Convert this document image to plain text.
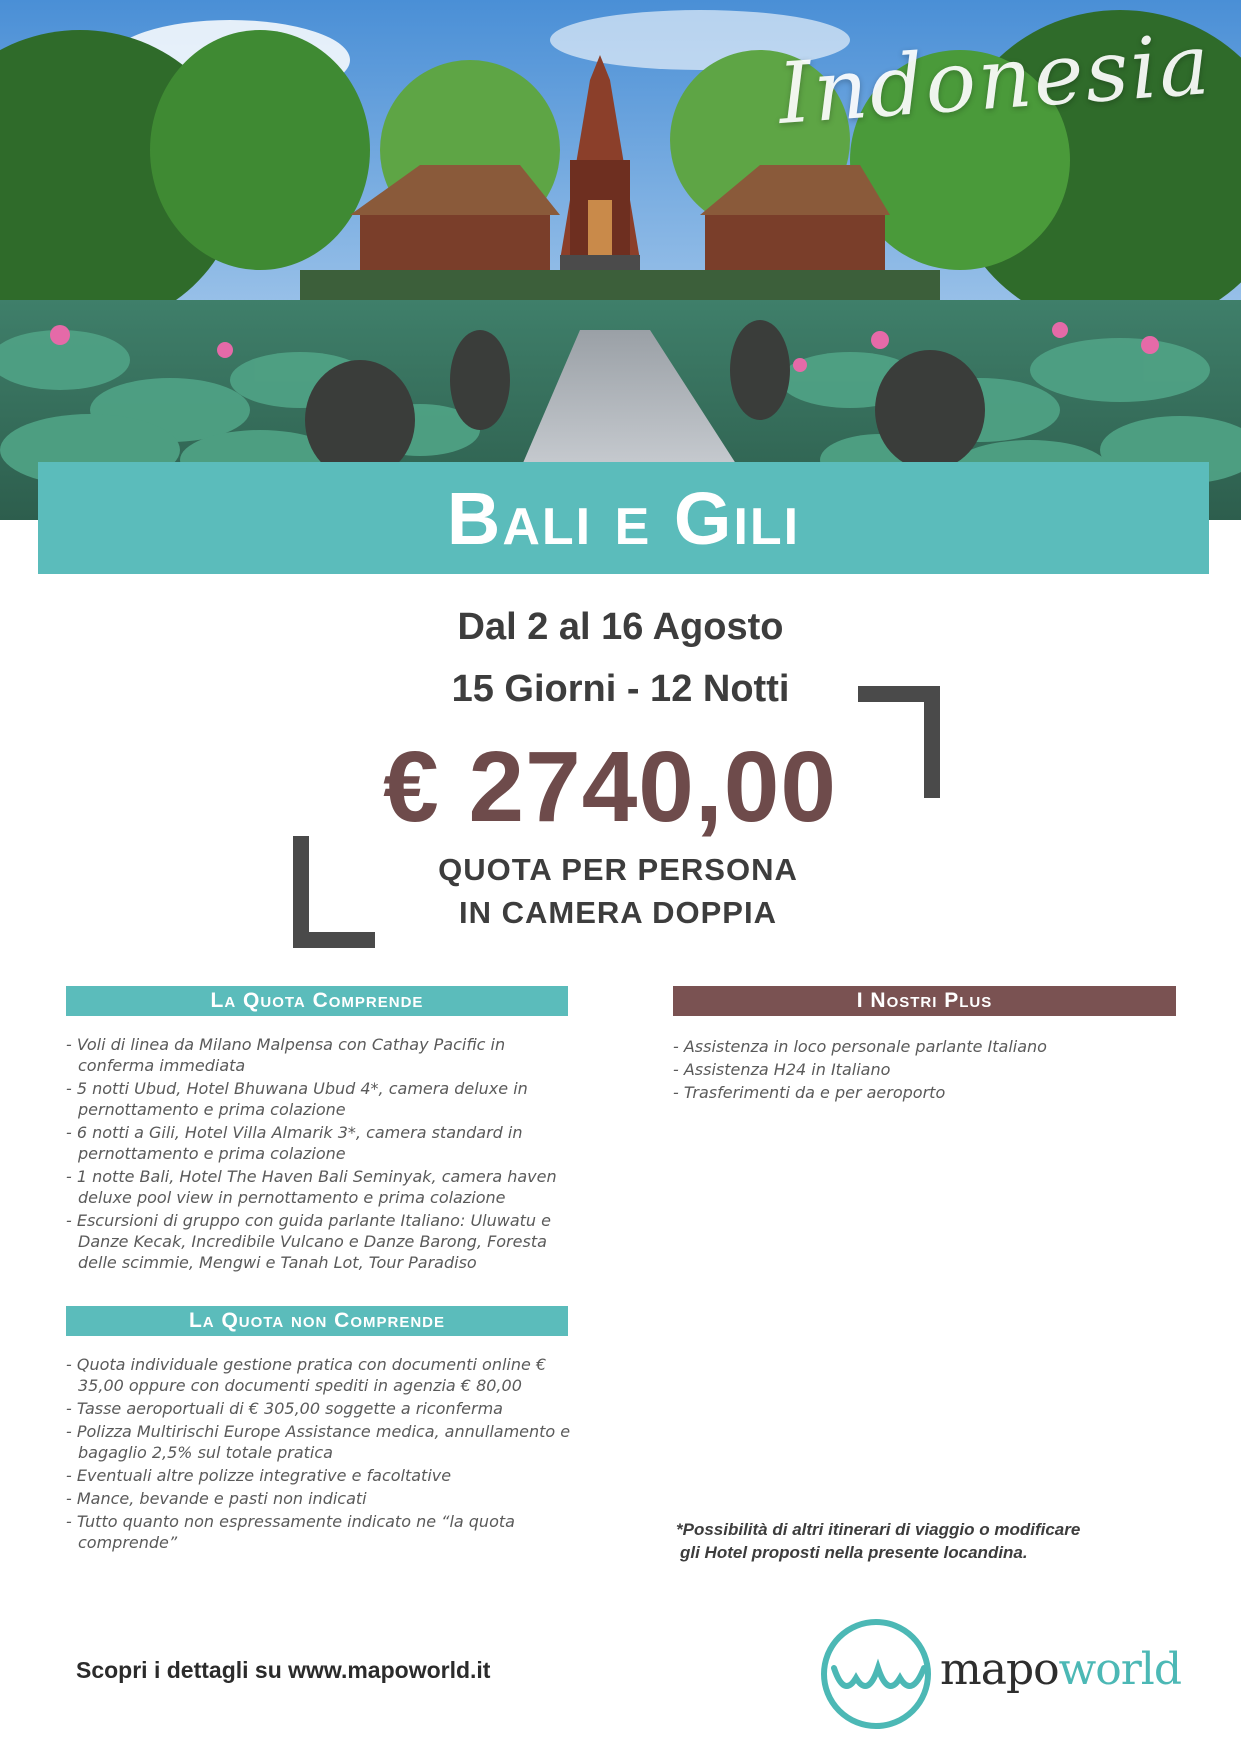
Indonesia
Bali e Gili
Dal 2 al 16 Agosto
15 Giorni - 12 Notti
€ 2740,00
QUOTA PER PERSONA
IN CAMERA DOPPIA
La Quota Comprende
- Voli di linea da Milano Malpensa con Cathay Pacific in conferma immediata
- 5 notti Ubud, Hotel Bhuwana Ubud 4*, camera deluxe in pernottamento e prima colazione
- 6 notti a Gili, Hotel Villa Almarik 3*, camera standard in pernottamento e prima colazione
- 1 notte Bali, Hotel The Haven Bali Seminyak, camera haven deluxe pool view in pernottamento e prima colazione
- Escursioni di gruppo con guida parlante Italiano: Uluwatu e Danze Kecak, Incredibile Vulcano e Danze Barong, Foresta delle scimmie, Mengwi e Tanah Lot, Tour Paradiso
La Quota non Comprende
- Quota individuale gestione pratica con documenti online € 35,00 oppure con documenti spediti in agenzia € 80,00
- Tasse aeroportuali di € 305,00 soggette a riconferma
- Polizza Multirischi Europe Assistance medica, annullamento e bagaglio 2,5% sul totale pratica
- Eventuali altre polizze integrative e facoltative
- Mance, bevande e pasti non indicati
- Tutto quanto non espressamente indicato ne “la quota comprende”
I Nostri Plus
- Assistenza in loco personale parlante Italiano
- Assistenza H24 in Italiano
- Trasferimenti da e per aeroporto
*Possibilità di altri itinerari di viaggio o modificare
gli Hotel proposti nella presente locandina.
Scopri i dettagli su www.mapoworld.it	mapoworld
